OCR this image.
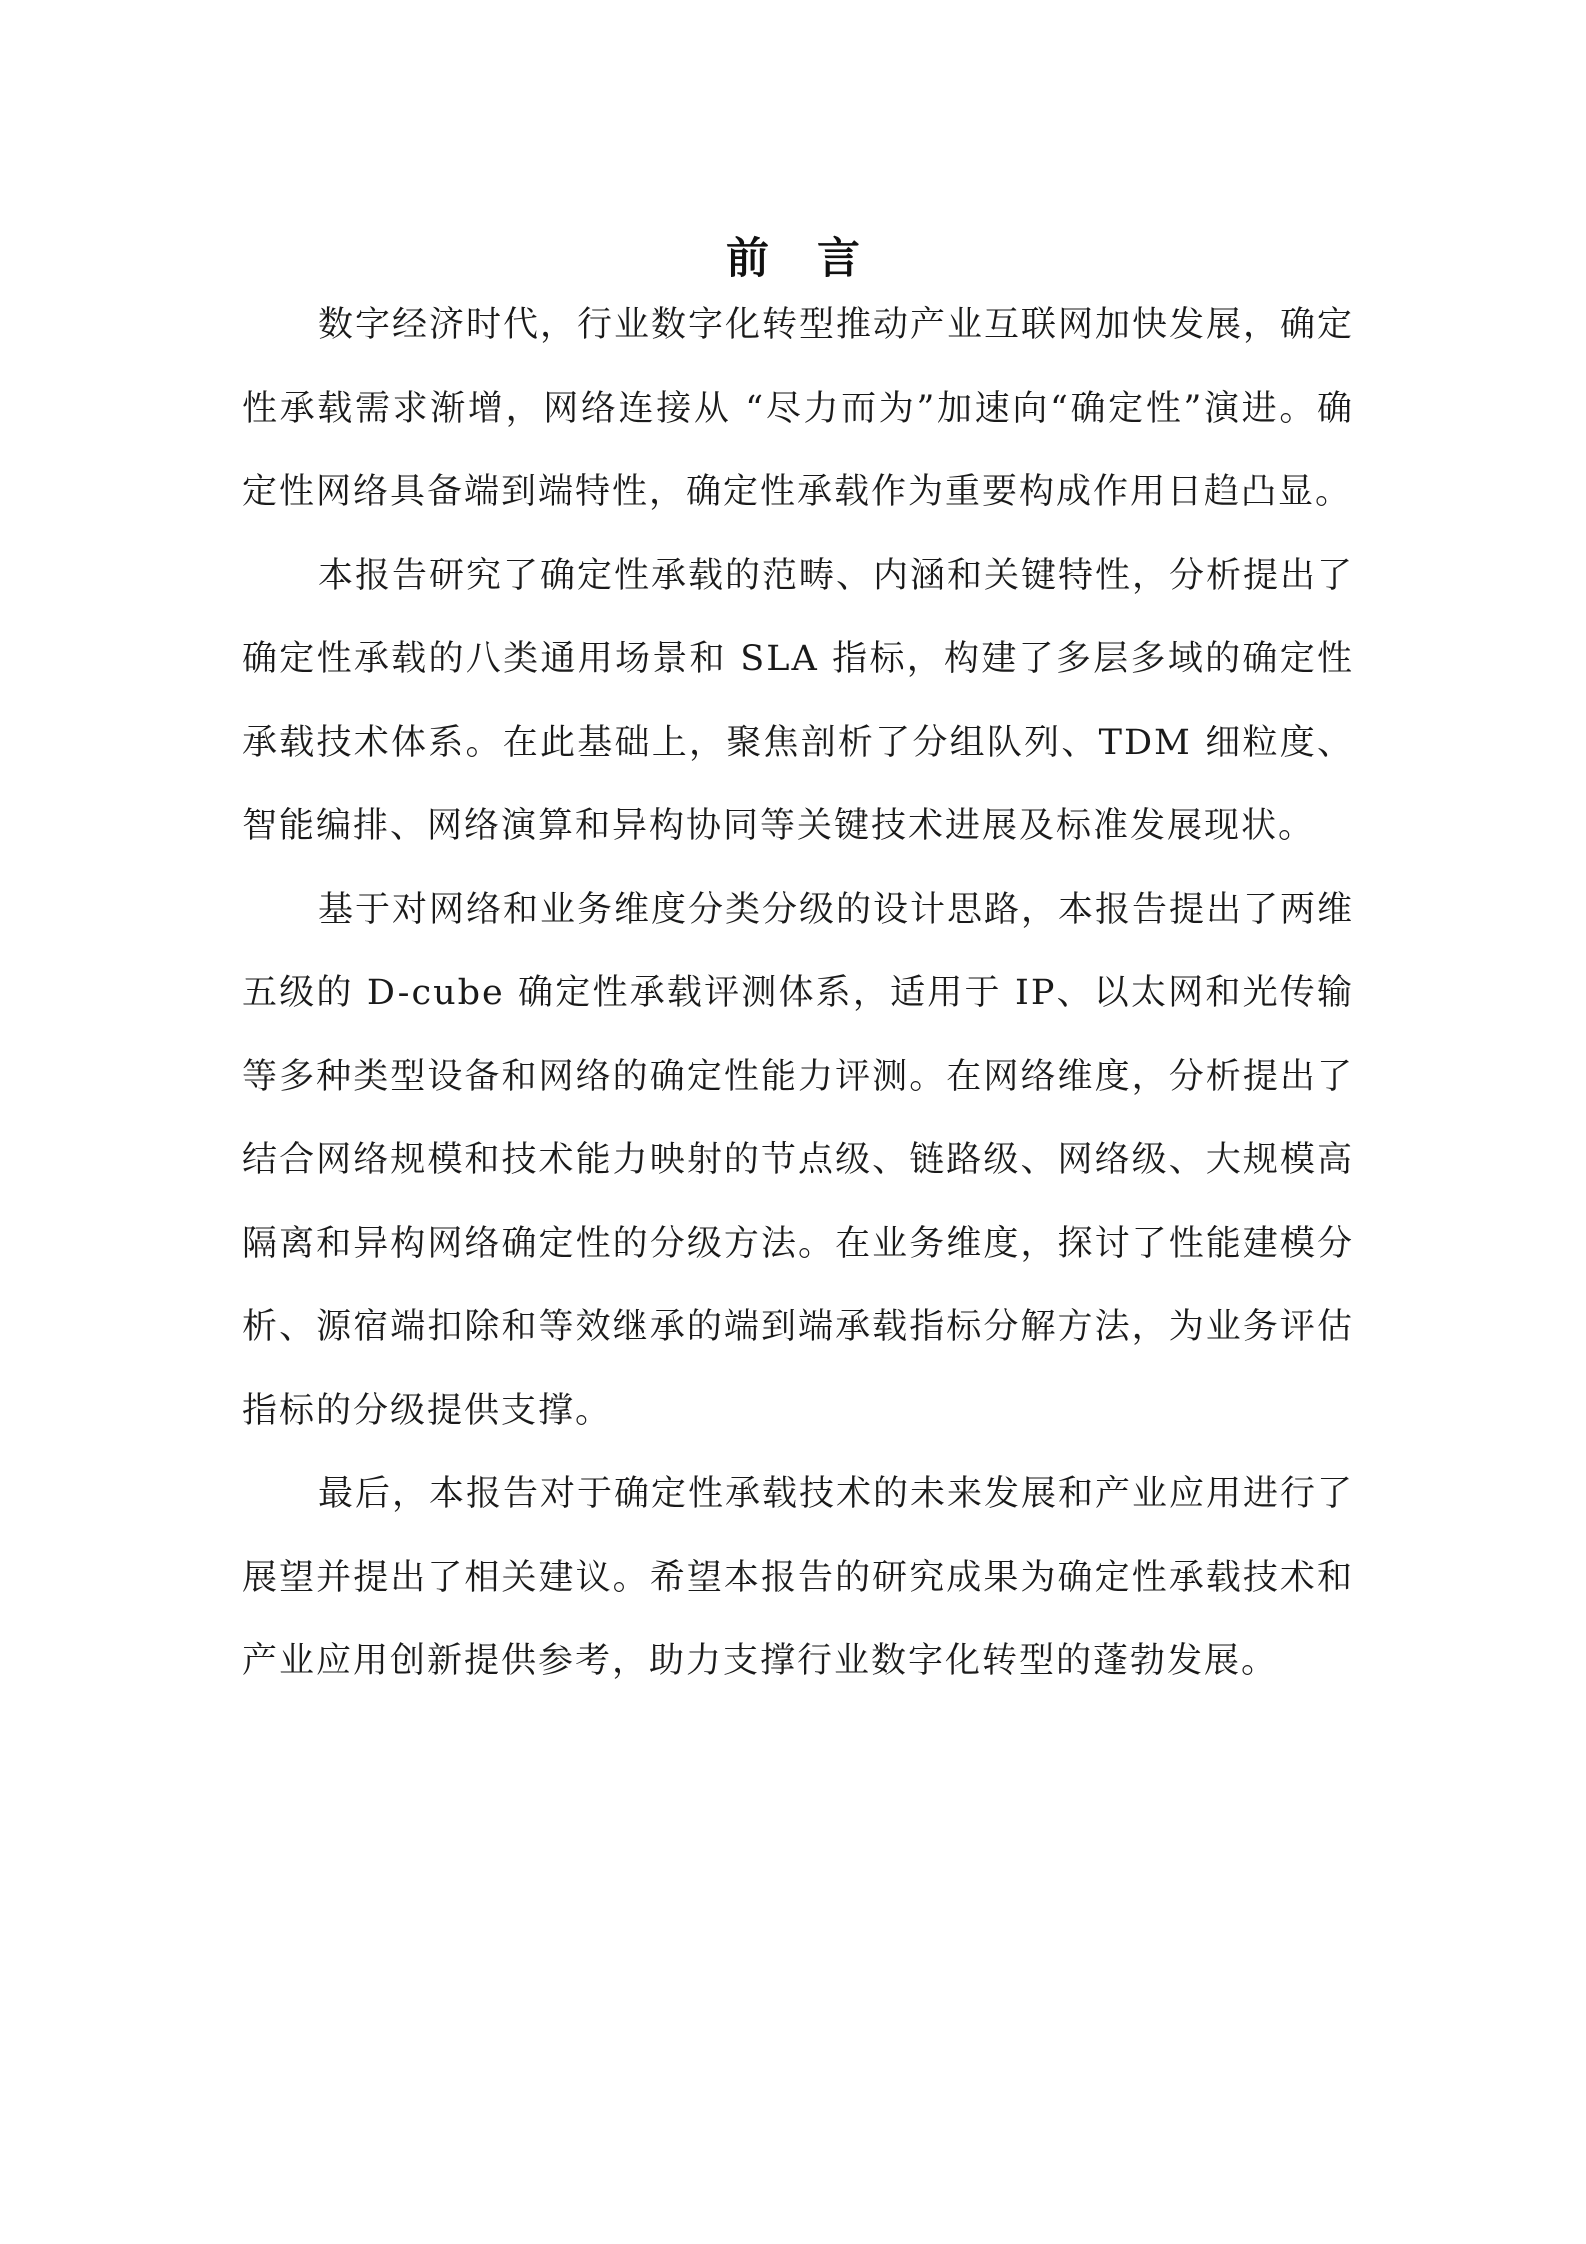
前言

数字经济时代，行业数字化转型推动产业互联网加快发展，确定性承载需求渐增，网络连接从 “尽力而为”加速向“确定性”演进。确定性网络具备端到端特性，确定性承载作为重要构成作用日趋凸显。

本报告研究了确定性承载的范畴、内涵和关键特性，分析提出了确定性承载的八类通用场景和 SLA 指标，构建了多层多域的确定性承载技术体系。在此基础上，聚焦剖析了分组队列、TDM 细粒度、智能编排、网络演算和异构协同等关键技术进展及标准发展现状。

基于对网络和业务维度分类分级的设计思路，本报告提出了两维五级的 D-cube 确定性承载评测体系，适用于 IP、以太网和光传输等多种类型设备和网络的确定性能力评测。在网络维度，分析提出了结合网络规模和技术能力映射的节点级、链路级、网络级、大规模高隔离和异构网络确定性的分级方法。在业务维度，探讨了性能建模分析、源宿端扣除和等效继承的端到端承载指标分解方法，为业务评估指标的分级提供支撑。

最后，本报告对于确定性承载技术的未来发展和产业应用进行了展望并提出了相关建议。希望本报告的研究成果为确定性承载技术和产业应用创新提供参考，助力支撑行业数字化转型的蓬勃发展。
